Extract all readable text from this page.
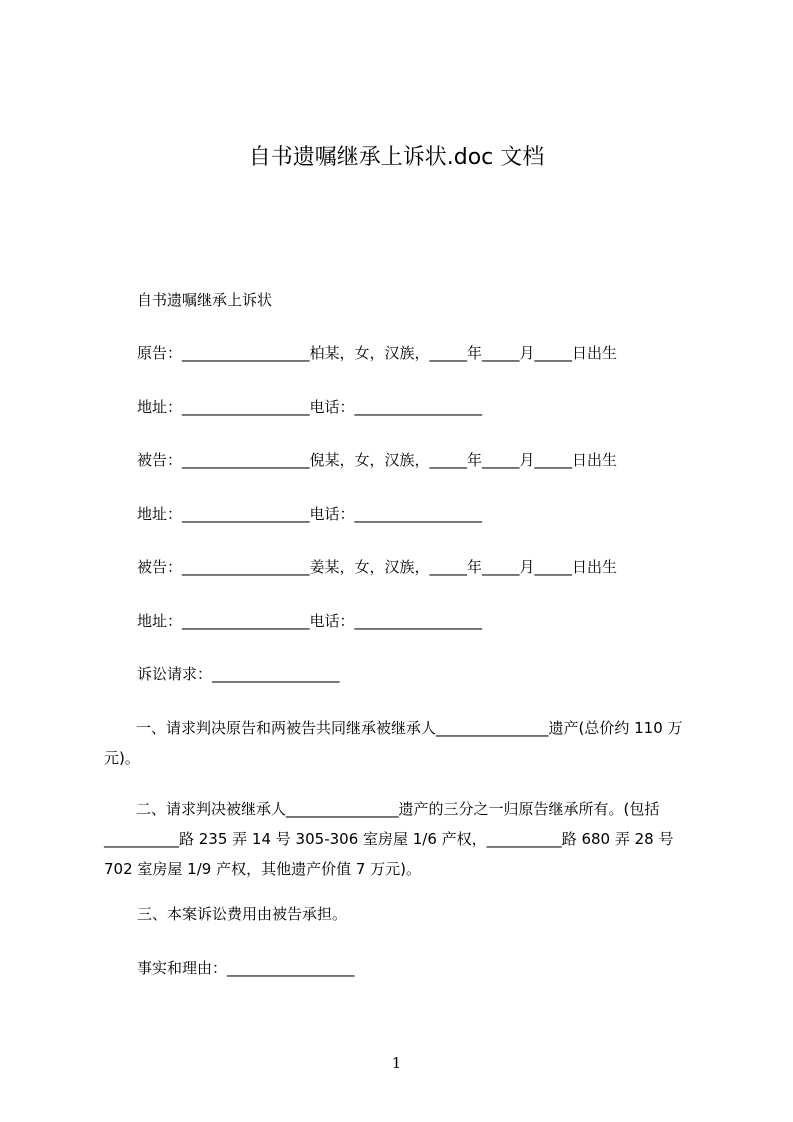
自书遗嘱继承上诉状.doc 文档
自书遗嘱继承上诉状
原告：_________________柏某，女，汉族，_____年_____月_____日出生
地址：_________________电话：_________________
被告：_________________倪某，女，汉族，_____年_____月_____日出生
地址：_________________电话：_________________
被告：_________________姜某，女，汉族，_____年_____月_____日出生
地址：_________________电话：_________________
诉讼请求：_________________
一、请求判决原告和两被告共同继承被继承人_______________遗产(总价约 110 万元)。
二、请求判决被继承人_______________遗产的三分之一归原告继承所有。(包括__________路 235 弄 14 号 305-306 室房屋 1/6 产权，__________路 680 弄 28 号 702 室房屋 1/9 产权，其他遗产价值 7 万元)。
三、本案诉讼费用由被告承担。
事实和理由：_________________
1
